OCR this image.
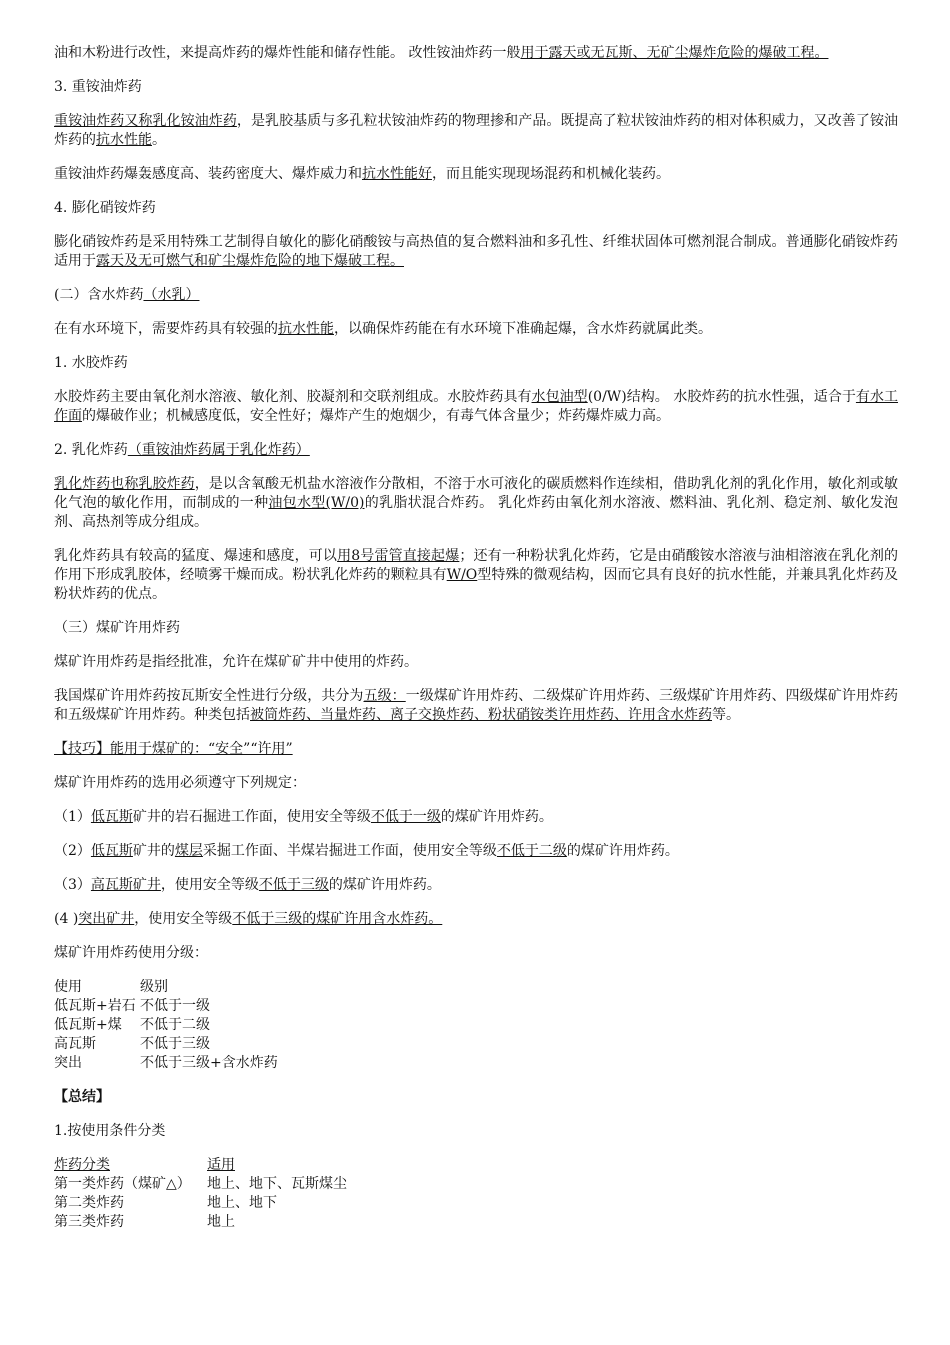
油和木粉进行改性，来提高炸药的爆炸性能和储存性能。 改性铵油炸药一般用于露天或无瓦斯、无矿尘爆炸危险的爆破工程。

3. 重铵油炸药

重铵油炸药又称乳化铵油炸药，是乳胶基质与多孔粒状铵油炸药的物理掺和产品。既提高了粒状铵油炸药的相对体积威力，又改善了铵油炸药的抗水性能。

重铵油炸药爆轰感度高、装药密度大、爆炸威力和抗水性能好，而且能实现现场混药和机械化装药。

4. 膨化硝铵炸药

膨化硝铵炸药是采用特殊工艺制得自敏化的膨化硝酸铵与高热值的复合燃料油和多孔性、纤维状固体可燃剂混合制成。普通膨化硝铵炸药适用于露天及无可燃气和矿尘爆炸危险的地下爆破工程。

(二）含水炸药（水乳）

在有水环境下，需要炸药具有较强的抗水性能，以确保炸药能在有水环境下准确起爆，含水炸药就属此类。

1. 水胶炸药

水胶炸药主要由氧化剂水溶液、敏化剂、胶凝剂和交联剂组成。水胶炸药具有水包油型(0/W)结构。 水胶炸药的抗水性强，适合于有水工作面的爆破作业；机械感度低，安全性好；爆炸产生的炮烟少，有毒气体含量少；炸药爆炸威力高。

2. 乳化炸药（重铵油炸药属于乳化炸药）

乳化炸药也称乳胶炸药，是以含氧酸无机盐水溶液作分散相，不溶于水可液化的碳质燃料作连续相，借助乳化剂的乳化作用，敏化剂或敏化气泡的敏化作用，而制成的一种油包水型(W/0)的乳脂状混合炸药。 乳化炸药由氧化剂水溶液、燃料油、乳化剂、稳定剂、敏化发泡剂、高热剂等成分组成。

乳化炸药具有较高的猛度、爆速和感度，可以用8号雷管直接起爆；还有一种粉状乳化炸药，它是由硝酸铵水溶液与油相溶液在乳化剂的作用下形成乳胶体，经喷雾干燥而成。粉状乳化炸药的颗粒具有W/O型特殊的微观结构，因而它具有良好的抗水性能，并兼具乳化炸药及粉状炸药的优点。

（三）煤矿许用炸药

煤矿许用炸药是指经批准，允许在煤矿矿井中使用的炸药。

我国煤矿许用炸药按瓦斯安全性进行分级，共分为五级：一级煤矿许用炸药、二级煤矿许用炸药、三级煤矿许用炸药、四级煤矿许用炸药和五级煤矿许用炸药。种类包括被筒炸药、当量炸药、离子交换炸药、粉状硝铵类许用炸药、许用含水炸药等。

【技巧】能用于煤矿的：“安全”“许用”

煤矿许用炸药的选用必须遵守下列规定：

（1）低瓦斯矿井的岩石掘进工作面，使用安全等级不低于一级的煤矿许用炸药。

（2）低瓦斯矿井的煤层采掘工作面、半煤岩掘进工作面，使用安全等级不低于二级的煤矿许用炸药。

（3）高瓦斯矿井，使用安全等级不低于三级的煤矿许用炸药。

(4 )突出矿井，使用安全等级不低于三级的煤矿许用含水炸药。

煤矿许用炸药使用分级：

使用	级别
低瓦斯+岩石 不低于一级
低瓦斯+煤	不低于二级
高瓦斯	不低于三级
突出	不低于三级+含水炸药

【总结】

1.按使用条件分类

炸药分类	适用
第一类炸药（煤矿△）	地上、地下、瓦斯煤尘
第二类炸药	地上、地下
第三类炸药	地上
